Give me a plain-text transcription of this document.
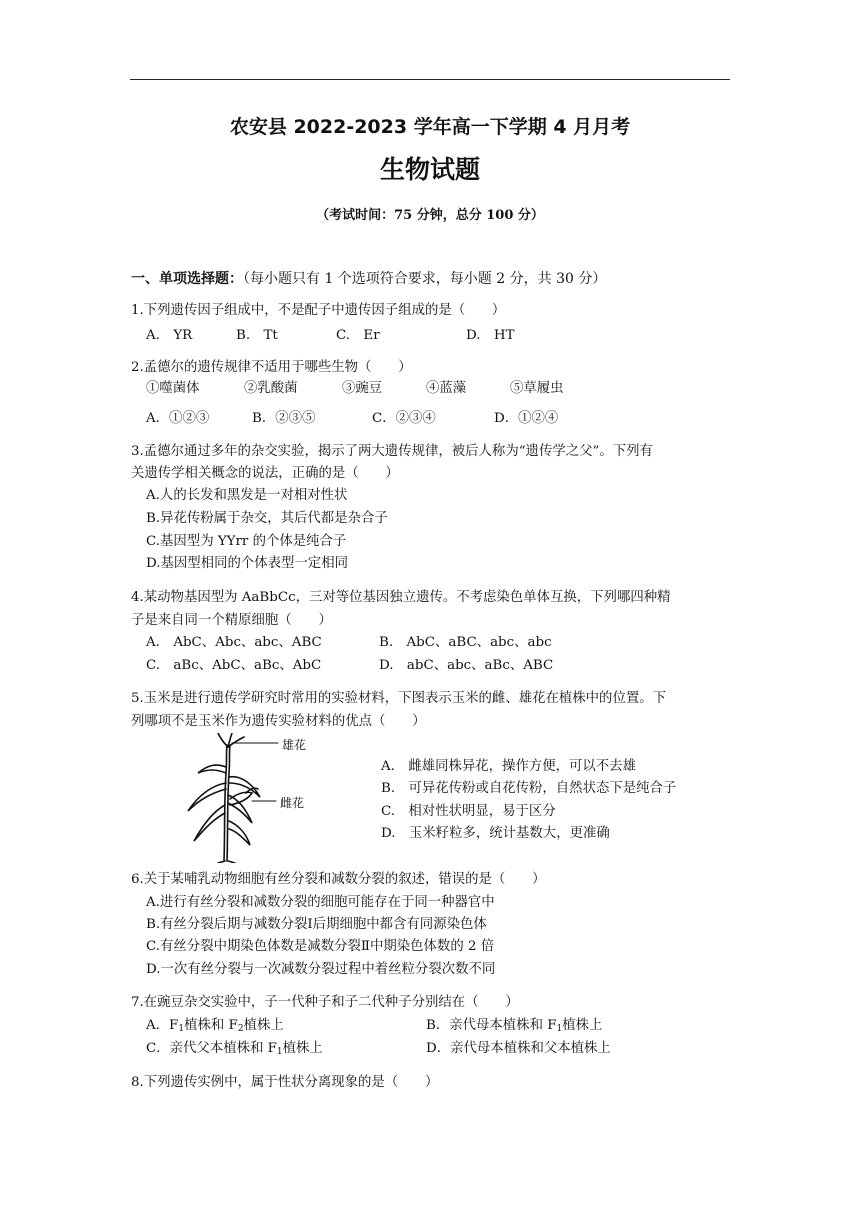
农安县 2022-2023 学年高一下学期 4 月月考
生物试题
（考试时间：75 分钟，总分 100 分）
一、单项选择题：（每小题只有 1 个选项符合要求，每小题 2 分，共 30 分）
1.下列遗传因子组成中，不是配子中遗传因子组成的是（　　）
A.　YR	B.　Tt	C.　Er	D.　HT
2.孟德尔的遗传规律不适用于哪些生物（　　）
①噬菌体	②乳酸菌	③豌豆	④蓝藻	⑤草履虫
A．①②③	B．②③⑤	C．②③④	D．①②④
3.孟德尔通过多年的杂交实验，揭示了两大遗传规律，被后人称为“遗传学之父”。下列有
关遗传学相关概念的说法，正确的是（　　）
A.人的长发和黑发是一对相对性状
B.异花传粉属于杂交，其后代都是杂合子
C.基因型为 YYrr 的个体是纯合子
D.基因型相同的个体表型一定相同
4.某动物基因型为 AaBbCc，三对等位基因独立遗传。不考虑染色单体互换，下列哪四种精
子是来自同一个精原细胞（　　）
A.　AbC、Abc、abc、ABC	B.　AbC、aBC、abc、abc
C.　aBc、AbC、aBc、AbC	D.　abC、abc、aBc、ABC
5.玉米是进行遗传学研究时常用的实验材料，下图表示玉米的雌、雄花在植株中的位置。下
列哪项不是玉米作为遗传实验材料的优点（　　）
雄花
雌花
A.　雌雄同株异花，操作方便，可以不去雄
B.　可异花传粉或自花传粉，自然状态下是纯合子
C.　相对性状明显，易于区分
D.　玉米籽粒多，统计基数大，更准确
6.关于某哺乳动物细胞有丝分裂和减数分裂的叙述，错误的是（　　）
A.进行有丝分裂和减数分裂的细胞可能存在于同一种器官中
B.有丝分裂后期与减数分裂Ⅰ后期细胞中都含有同源染色体
C.有丝分裂中期染色体数是减数分裂Ⅱ中期染色体数的 2 倍
D.一次有丝分裂与一次减数分裂过程中着丝粒分裂次数不同
7.在豌豆杂交实验中，子一代种子和子二代种子分别结在（　　）
A．$F_1$植株和 $F_2$植株上	B．亲代母本植株和 $F_1$植株上
C．亲代父本植株和 $F_1$植株上	D．亲代母本植株和父本植株上
8.下列遗传实例中，属于性状分离现象的是（　　）
